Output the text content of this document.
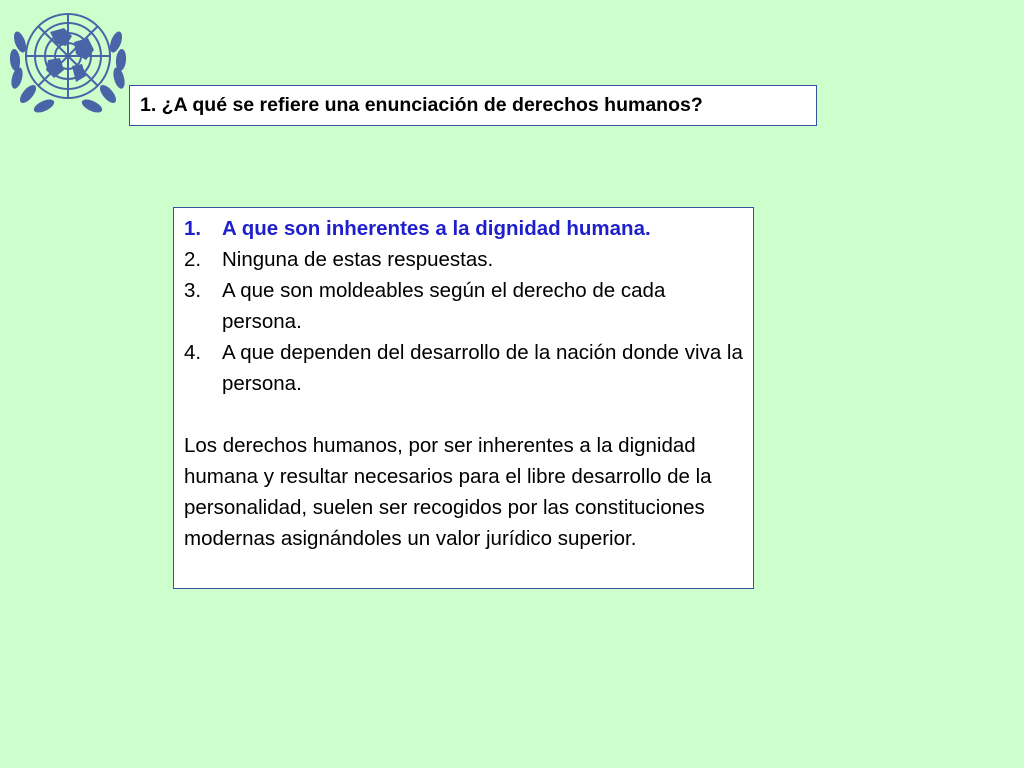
1. ¿A qué se refiere una enunciación de derechos humanos?
1.	A que son inherentes a la dignidad humana.
2.	Ninguna de estas respuestas.
3.	A que son moldeables según el derecho de cada persona.
4.	A que dependen del desarrollo de la nación donde viva la persona.

Los derechos humanos, por ser inherentes a la dignidad humana y resultar necesarios para el libre desarrollo de la personalidad, suelen ser recogidos por las constituciones modernas asignándoles un valor jurídico superior.
